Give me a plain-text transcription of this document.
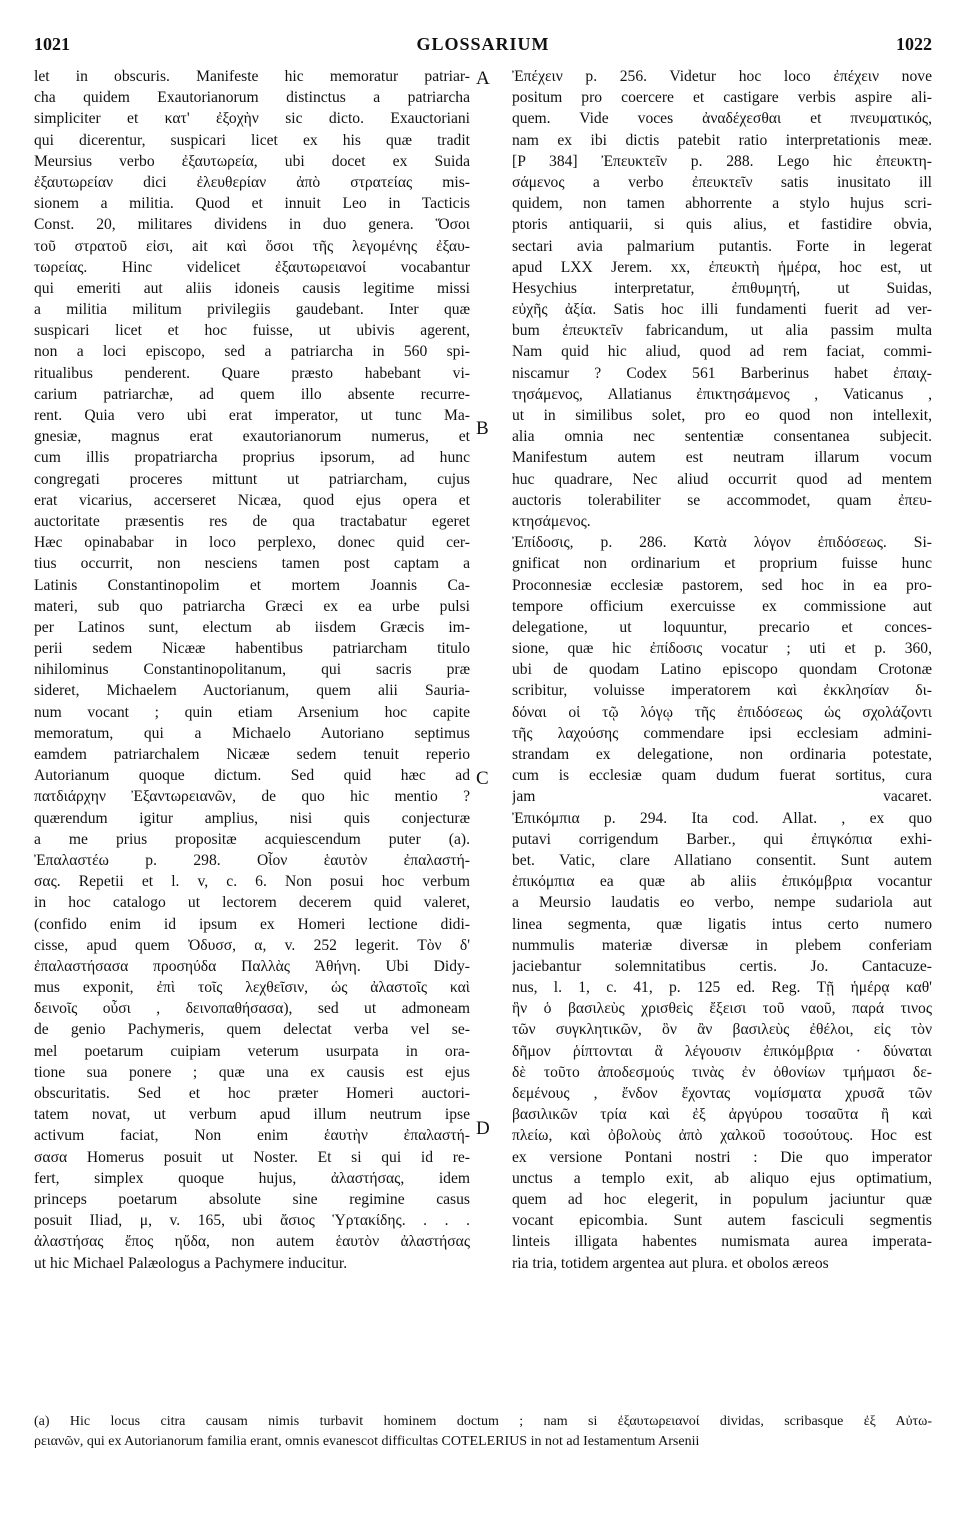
1021	GLOSSARIUM	1022
let in obscuris. Manifeste hic memoratur patriar-
cha quidem Exautorianorum distinctus a patriarcha
simpliciter et κατ' ἐξοχὴν sic dicto. Exauctoriani
qui dicerentur, suspicari licet ex his quæ tradit
Meursius verbo ἐξαυτωρεία, ubi docet ex Suida
ἐξαυτωρείαν dici ἐλευθερίαν ἀπὸ στρατείας mis-
sionem a militia. Quod et innuit Leo in Tacticis
Const. 20, militares dividens in duo genera. Ὅσοι
τοῦ στρατοῦ εἰσι, ait καὶ ὅσοι τῆς λεγομένης ἐξαυ-
τωρείας. Hinc videlicet ἐξαυτωρειανοί vocabantur
qui emeriti aut aliis idoneis causis legitime missi
a militia militum privilegiis gaudebant. Inter quæ
suspicari licet et hoc fuisse, ut ubivis agerent,
non a loci episcopo, sed a patriarcha in 560 spi-
ritualibus penderent. Quare præsto habebant vi-
carium patriarchæ, ad quem illo absente recurre-
rent. Quia vero ubi erat imperator, ut tunc Ma-
gnesiæ, magnus erat exautorianorum numerus, et
cum illis propatriarcha proprius ipsorum, ad hunc
congregati proceres mittunt ut patriarcham, cujus
erat vicarius, accerseret Nicæa, quod ejus opera et
auctoritate præsentis res de qua tractabatur egeret
Hæc opinababar in loco perplexo, donec quid cer-
tius occurrit, non nesciens tamen post captam a
Latinis Constantinopolim et mortem Joannis Ca-
materi, sub quo patriarcha Græci ex ea urbe pulsi
per Latinos sunt, electum ab iisdem Græcis im-
perii sedem Nicææ habentibus patriarcham titulo
nihilominus Constantinopolitanum, qui sacris præ
sideret, Michaelem Auctorianum, quem alii Sauria-
num vocant ; quin etiam Arsenium hoc capite
memoratum, qui a Michaelo Autoriano septimus
eamdem patriarchalem Nicææ sedem tenuit reperio
Autorianum quoque dictum. Sed quid hæc ad
πατδιάρχην Ἐξαντωρειανῶν, de quo hic mentio ?
quærendum igitur amplius, nisi quis conjecturæ
a me prius propositæ acquiescendum puter (a).
Ἐπαλαστέω p. 298. Οἷον ἑαυτὸν ἐπαλαστή-
σας. Repetii et l. v, c. 6. Non posui hoc verbum
in hoc catalogo ut lectorem decerem quid valeret,
(confido enim id ipsum ex Homeri lectione didi-
cisse, apud quem Ὀδυσσ, α, v. 252 legerit. Τὸν δ'
ἐπαλαστήσασα προσηύδα Παλλὰς Ἀθήνη. Ubi Didy-
mus exponit, ἐπὶ τοῖς λεχθεῖσιν, ὡς ἀλαστοῖς καὶ
δεινοῖς οὖσι , δεινοπαθήσασα), sed ut admoneam
de genio Pachymeris, quem delectat verba vel se-
mel poetarum cuipiam veterum usurpata in ora-
tione sua ponere ; quæ una ex causis est ejus
obscuritatis. Sed et hoc præter Homeri auctori-
tatem novat, ut verbum apud illum neutrum ipse
activum faciat, Non enim ἑαυτὴν ἐπαλαστή-
σασα Homerus posuit ut Noster. Et si qui id re-
fert, simplex quoque hujus, ἀλαστήσας, idem
princeps poetarum absolute sine regimine casus
posuit Iliad, μ, v. 165, ubi ἄσιος Ὑρτακίδης. . . .
ἀλαστήσας ἔπος ηὔδα, non autem ἑαυτὸν ἀλαστήσας
ut hic Michael Palæologus a Pachymere inducitur.
A
B
C
D
Ἐπέχειν p. 256. Videtur hoc loco ἐπέχειν nove
positum pro coercere et castigare verbis aspire ali-
quem. Vide voces ἀναδέχεσθαι et πνευματικός,
nam ex ibi dictis patebit ratio interpretationis meæ.
[P 384] Ἐπευκτεῖν p. 288. Lego hic ἐπευκτη-
σάμενος a verbo ἐπευκτεῖν satis inusitato ill
quidem, non tamen abhorrente a stylo hujus scri-
ptoris antiquarii, si quis alius, et fastidire obvia,
sectari avia palmarium putantis. Forte in legerat
apud LXX Jerem. xx, ἐπευκτὴ ἡμέρα, hoc est, ut
Hesychius interpretatur, ἐπιθυμητή, ut Suidas,
εὐχῆς ἀξία. Satis hoc illi fundamenti fuerit ad ver-
bum ἐπευκτεῖν fabricandum, ut alia passim multa
Nam quid hic aliud, quod ad rem faciat, commi-
niscamur ? Codex 561 Barberinus habet ἐπαιχ-
τησάμενος, Allatianus ἐπικτησάμενος , Vaticanus ,
ut in similibus solet, pro eo quod non intellexit,
alia omnia nec sententiæ consentanea subjecit.
Manifestum autem est neutram illarum vocum
huc quadrare, Nec aliud occurrit quod ad mentem
auctoris tolerabiliter se accommodet, quam ἐπευ-
κτησάμενος.
Ἐπίδοσις, p. 286. Κατὰ λόγον ἐπιδόσεως. Si-
gnificat non ordinarium et proprium fuisse hunc
Proconnesiæ ecclesiæ pastorem, sed hoc in ea pro-
tempore officium exercuisse ex commissione aut
delegatione, ut loquuntur, precario et conces-
sione, quæ hic ἐπίδοσις vocatur ; uti et p. 360,
ubi de quodam Latino episcopo quondam Crotonæ
scribitur, voluisse imperatorem καὶ ἐκκλησίαν δι-
δόναι οἱ τῷ λόγῳ τῆς ἐπιδόσεως ὡς σχολάζοντι
τῆς λαχούσης commendare ipsi ecclesiam admini-
strandam ex delegatione, non ordinaria potestate,
cum is ecclesiæ quam dudum fuerat sortitus, cura
jam vacaret.
Ἐπικόμπια p. 294. Ita cod. Allat. , ex quo
putavi corrigendum Barber., qui ἐπιγκόπια exhi-
bet. Vatic, clare Allatiano consentit. Sunt autem
ἐπικόμπια ea quæ ab aliis ἐπικόμβρια vocantur
a Meursio laudatis eo verbo, nempe sudariola aut
linea segmenta, quæ ligatis intus certo numero
nummulis materiæ diversæ in plebem conferiam
jaciebantur solemnitatibus certis. Jo. Cantacuze-
nus, l. 1, c. 41, p. 125 ed. Reg. Τῇ ἡμέρᾳ καθ'
ἣν ὁ βασιλεὺς χρισθεὶς ἔξεισι τοῦ ναοῦ, παρά τινος
τῶν συγκλητικῶν, ὃν ἂν βασιλεὺς ἐθέλοι, εἰς τὸν
δῆμον ῥίπτονται ἃ λέγουσιν ἐπικόμβρια · δύναται
δὲ τοῦτο ἀποδεσμούς τινὰς ἐν ὀθονίων τμήμασι δε-
δεμένους , ἔνδον ἔχοντας νομίσματα χρυσᾶ τῶν
βασιλικῶν τρία καὶ ἐξ ἀργύρου τοσαῦτα ἢ καὶ
πλείω, καὶ ὀβολοὺς ἀπὸ χαλκοῦ τοσούτους. Hoc est
ex versione Pontani nostri : Die quo imperator
unctus a templo exit, ab aliquo ejus optimatium,
quem ad hoc elegerit, in populum jaciuntur quæ
vocant epicombia. Sunt autem fasciculi segmentis
linteis illigata habentes numismata aurea imperata-
ria tria, totidem argentea aut plura. et obolos æreos
(a) Hic locus citra causam nimis turbavit hominem doctum ; nam si ἐξαυτωρειανοί dividas, scribasque ἐξ Αὐτω-
ρειανῶν, qui ex Autorianorum familia erant, omnis evanescot difficultas COTELERIUS in not ad Iestamentum Arsenii
